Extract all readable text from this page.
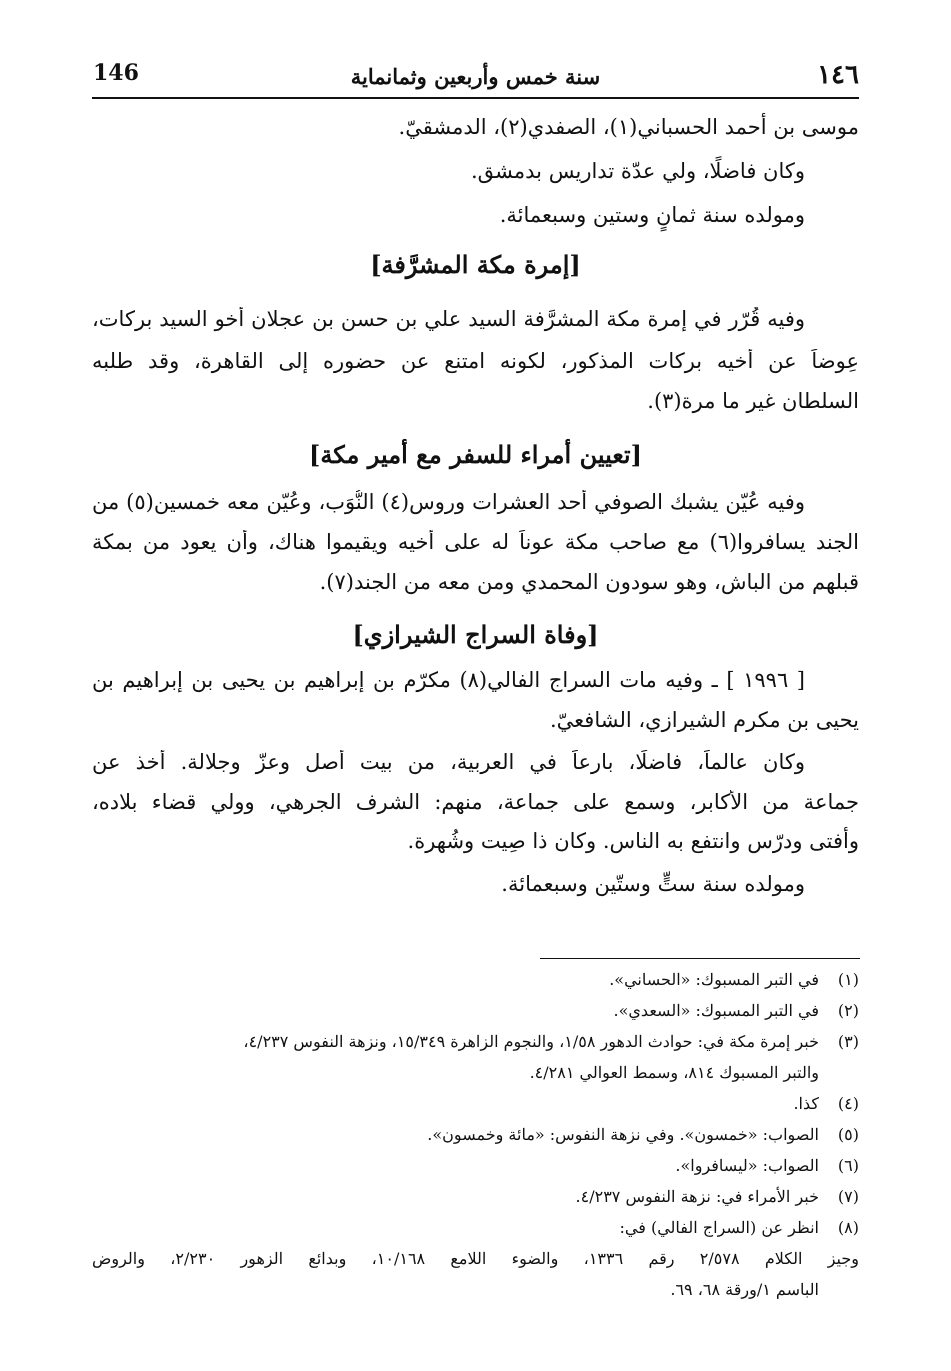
١٤٦
سنة خمس وأربعين وثمانماية
146
موسى بن أحمد الحسباني(١)، الصفدي(٢)، الدمشقيّ.
وكان فاضلًا، ولي عدّة تداريس بدمشق.
ومولده سنة ثمانٍ وستين وسبعمائة.
[إمرة مكة المشرَّفة]
وفيه قُرّر في إمرة مكة المشرَّفة السيد علي بن حسن بن عجلان أخو السيد بركات،
عِوضاً عن أخيه بركات المذكور، لكونه امتنع عن حضوره إلى القاهرة، وقد طلبه
السلطان غير ما مرة(٣).
[تعيين أمراء للسفر مع أمير مكة]
وفيه عُيّن يشبك الصوفي أحد العشرات وروس(٤) النُّوَب، وعُيّن معه خمسين(٥) من
الجند يسافروا(٦) مع صاحب مكة عوناً له على أخيه ويقيموا هناك، وأن يعود من بمكة
قبلهم من الباش، وهو سودون المحمدي ومن معه من الجند(٧).
[وفاة السراج الشيرازي]
[ ١٩٩٦ ] ـ وفيه مات السراج الفالي(٨) مكرّم بن إبراهيم بن يحيى بن إبراهيم بن
يحيى بن مكرم الشيرازي، الشافعيّ.
وكان عالماً، فاضلًا، بارعاً في العربية، من بيت أصل وعزّ وجلالة. أخذ عن
جماعة من الأكابر، وسمع على جماعة، منهم: الشرف الجرهي، وولي قضاء بلاده،
وأفتى ودرّس وانتفع به الناس. وكان ذا صِيت وشُهرة.
ومولده سنة ستٍّ وستّين وسبعمائة.
(١)في التبر المسبوك: «الحساني».
(٢)في التبر المسبوك: «السعدي».
(٣)خبر إمرة مكة في: حوادث الدهور ١/٥٨، والنجوم الزاهرة ١٥/٣٤٩، ونزهة النفوس ٤/٢٣٧،
والتبر المسبوك ٨١٤، وسمط العوالي ٤/٢٨١.
(٤)كذا.
(٥)الصواب: «خمسون». وفي نزهة النفوس: «مائة وخمسون».
(٦)الصواب: «ليسافروا».
(٧)خبر الأمراء في: نزهة النفوس ٤/٢٣٧.
(٨)انظر عن (السراج الفالي) في:
وجيز الكلام ٢/٥٧٨ رقم ١٣٣٦، والضوء اللامع ١٠/١٦٨، وبدائع الزهور ٢/٢٣٠، والروض
الباسم ١/ورقة ٦٨، ٦٩.
